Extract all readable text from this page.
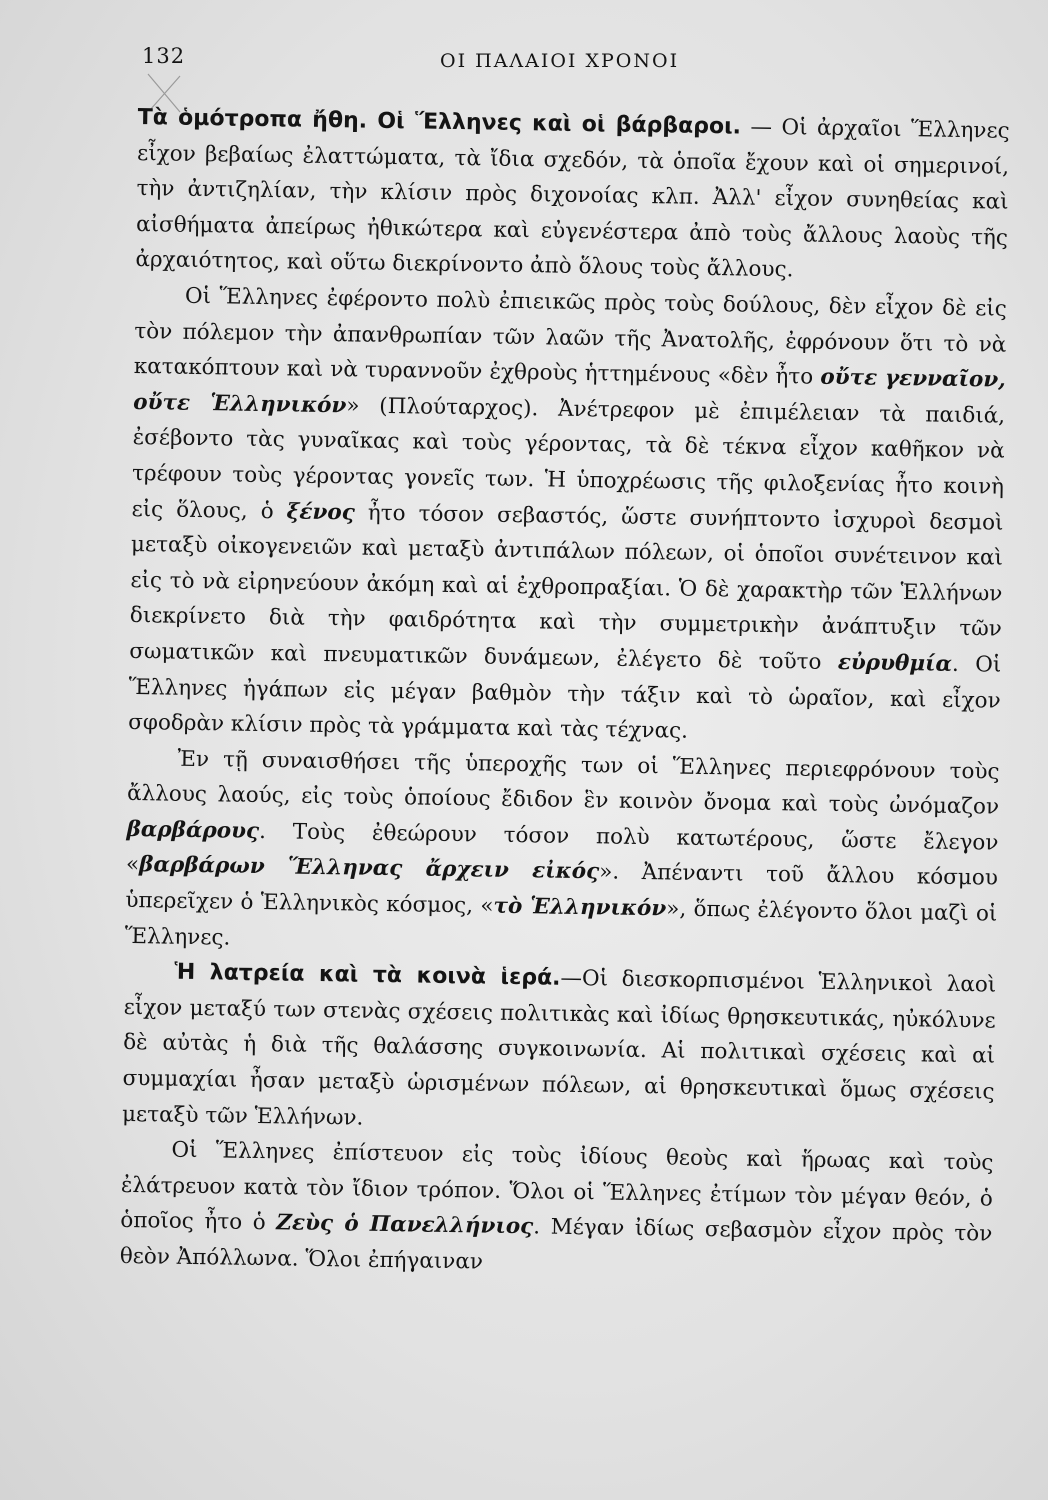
132	ΟΙ ΠΑΛΑΙΟΙ ΧΡΟΝΟΙ

Τὰ ὁμότροπα ἤθη. Οἱ Ἕλληνες καὶ οἱ βάρβαροι. — Οἱ ἀρχαῖοι Ἕλληνες εἶχον βεβαίως ἐλαττώματα, τὰ ἴδια σχεδόν, τὰ ὁποῖα ἔχουν καὶ οἱ σημερινοί, τὴν ἀντιζηλίαν, τὴν κλίσιν πρὸς διχονοίας κλπ. Ἀλλ' εἶχον συνηθείας καὶ αἰσθήματα ἀπείρως ἠθικώτερα καὶ εὐγενέστερα ἀπὸ τοὺς ἄλλους λαοὺς τῆς ἀρχαιότητος, καὶ οὕτω διεκρίνοντο ἀπὸ ὅλους τοὺς ἄλλους.

Οἱ Ἕλληνες ἐφέροντο πολὺ ἐπιεικῶς πρὸς τοὺς δούλους, δὲν εἶχον δὲ εἰς τὸν πόλεμον τὴν ἀπανθρωπίαν τῶν λαῶν τῆς Ἀνατολῆς, ἐφρόνουν ὅτι τὸ νὰ κατακόπτουν καὶ νὰ τυραννοῦν ἐχθροὺς ἡττημένους «δὲν ἦτο οὔτε γενναῖον, οὔτε Ἑλληνικόν» (Πλούταρχος). Ἀνέτρεφον μὲ ἐπιμέλειαν τὰ παιδιά, ἐσέβοντο τὰς γυναῖκας καὶ τοὺς γέροντας, τὰ δὲ τέκνα εἶχον καθῆκον νὰ τρέφουν τοὺς γέροντας γονεῖς των. Ἡ ὑποχρέωσις τῆς φιλοξενίας ἦτο κοινὴ εἰς ὅλους, ὁ ξένος ἦτο τόσον σεβαστός, ὥστε συνήπτοντο ἰσχυροὶ δεσμοὶ μεταξὺ οἰκογενειῶν καὶ μεταξὺ ἀντιπάλων πόλεων, οἱ ὁποῖοι συνέτεινον καὶ εἰς τὸ νὰ εἰρηνεύουν ἀκόμη καὶ αἱ ἐχθροπραξίαι. Ὁ δὲ χαρακτὴρ τῶν Ἑλλήνων διεκρίνετο διὰ τὴν φαιδρότητα καὶ τὴν συμμετρικὴν ἀνάπτυξιν τῶν σωματικῶν καὶ πνευματικῶν δυνάμεων, ἐλέγετο δὲ τοῦτο εὐρυθμία. Οἱ Ἕλληνες ἠγάπων εἰς μέγαν βαθμὸν τὴν τάξιν καὶ τὸ ὡραῖον, καὶ εἶχον σφοδρὰν κλίσιν πρὸς τὰ γράμματα καὶ τὰς τέχνας.

Ἐν τῇ συναισθήσει τῆς ὑπεροχῆς των οἱ Ἕλληνες περιεφρόνουν τοὺς ἄλλους λαούς, εἰς τοὺς ὁποίους ἔδιδον ἓν κοινὸν ὄνομα καὶ τοὺς ὠνόμαζον βαρβάρους. Τοὺς ἐθεώρουν τόσον πολὺ κατωτέρους, ὥστε ἔλεγον «βαρβάρων Ἕλληνας ἄρχειν εἰκός». Ἀπέναντι τοῦ ἄλλου κόσμου ὑπερεῖχεν ὁ Ἑλληνικὸς κόσμος, «τὸ Ἑλληνικόν», ὅπως ἐλέγοντο ὅλοι μαζὶ οἱ Ἕλληνες.

Ἡ λατρεία καὶ τὰ κοινὰ ἱερά.—Οἱ διεσκορπισμένοι Ἑλληνικοὶ λαοὶ εἶχον μεταξύ των στενὰς σχέσεις πολιτικὰς καὶ ἰδίως θρησκευτικάς, ηὐκόλυνε δὲ αὐτὰς ἡ διὰ τῆς θαλάσσης συγκοινωνία. Αἱ πολιτικαὶ σχέσεις καὶ αἱ συμμαχίαι ἦσαν μεταξὺ ὡρισμένων πόλεων, αἱ θρησκευτικαὶ ὅμως σχέσεις μεταξὺ τῶν Ἑλλήνων.

Οἱ Ἕλληνες ἐπίστευον εἰς τοὺς ἰδίους θεοὺς καὶ ἥρωας καὶ τοὺς ἐλάτρευον κατὰ τὸν ἴδιον τρόπον. Ὅλοι οἱ Ἕλληνες ἐτίμων τὸν μέγαν θεόν, ὁ ὁποῖος ἦτο ὁ Ζεὺς ὁ Πανελλήνιος. Μέγαν ἰδίως σεβασμὸν εἶχον πρὸς τὸν θεὸν Ἀπόλλωνα. Ὅλοι ἐπήγαιναν
